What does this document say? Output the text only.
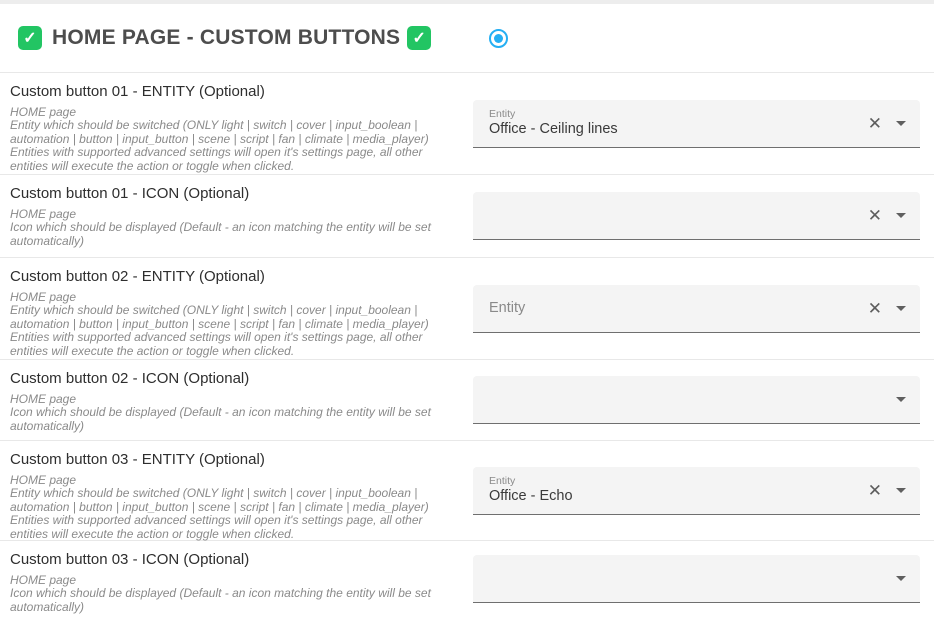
✓ HOME PAGE - CUSTOM BUTTONS ✓
Custom button 01 - ENTITY (Optional)
HOME page
Entity which should be switched (ONLY light | switch | cover | input_boolean | automation | button | input_button | scene | script | fan | climate | media_player)
Entities with supported advanced settings will open it's settings page, all other entities will execute the action or toggle when clicked.
Entity
Office - Ceiling lines	✕
Custom button 01 - ICON (Optional)
HOME page
Icon which should be displayed (Default - an icon matching the entity will be set automatically)
✕
Custom button 02 - ENTITY (Optional)
HOME page
Entity which should be switched (ONLY light | switch | cover | input_boolean | automation | button | input_button | scene | script | fan | climate | media_player)
Entities with supported advanced settings will open it's settings page, all other entities will execute the action or toggle when clicked.
Entity	✕
Custom button 02 - ICON (Optional)
HOME page
Icon which should be displayed (Default - an icon matching the entity will be set automatically)
Custom button 03 - ENTITY (Optional)
HOME page
Entity which should be switched (ONLY light | switch | cover | input_boolean | automation | button | input_button | scene | script | fan | climate | media_player)
Entities with supported advanced settings will open it's settings page, all other entities will execute the action or toggle when clicked.
Entity
Office - Echo	✕
Custom button 03 - ICON (Optional)
HOME page
Icon which should be displayed (Default - an icon matching the entity will be set automatically)
